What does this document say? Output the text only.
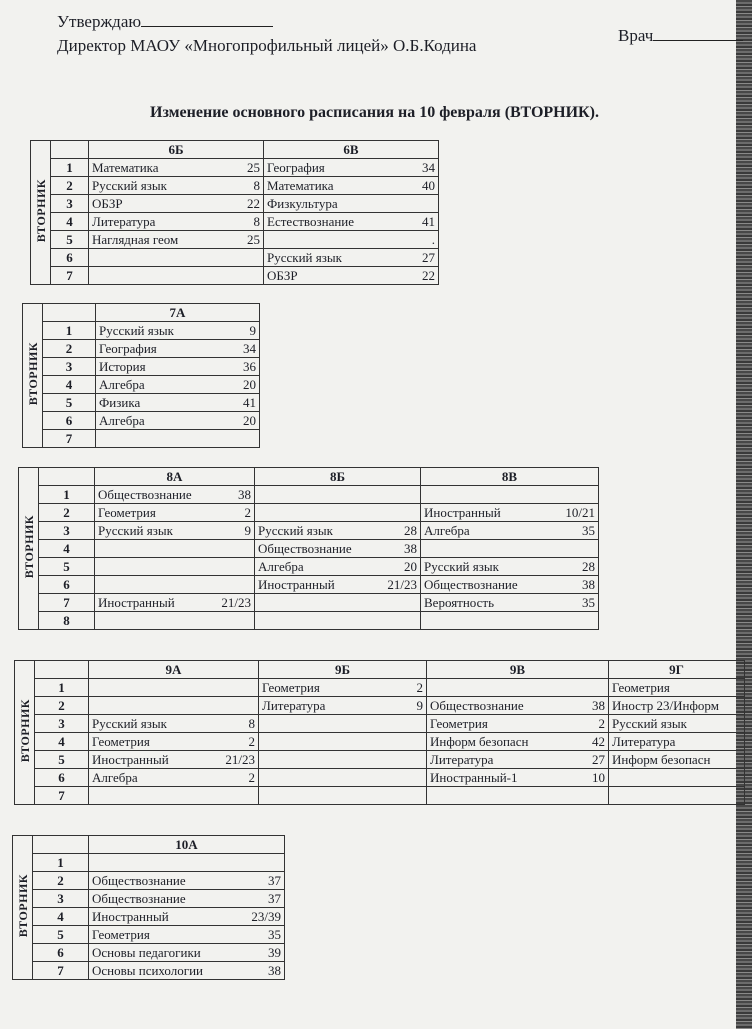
Утверждаю
Директор МАОУ «Многопрофильный лицей» О.Б.Кодина
Врач
Изменение основного расписания на 10 февраля (ВТОРНИК).
ВТОРНИК		6Б	6В
	1	Математика 25	География 34

	2	Русский язык 8	Математика 40

	3	ОБЗР 22	Физкультура

	4	Литература 8	Естествознание 41

	5	Наглядная геом 25	.

	6		Русский язык 27

	7		ОБЗР 22
ВТОРНИК		7А
	1	Русский язык 9

	2	География 34

	3	История 36

	4	Алгебра 20

	5	Физика 41

	6	Алгебра 20

	7	
ВТОРНИК		8А	8Б	8В
	1	Обществознание 38		

	2	Геометрия 2		Иностранный 10/21

	3	Русский язык 9	Русский язык 28	Алгебра 35

	4		Обществознание 38	

	5		Алгебра 20	Русский язык 28

	6		Иностранный 21/23	Обществознание 38

	7	Иностранный 21/23		Вероятность 35

	8	

ВТОРНИК		9А	9Б	9В	9Г
	1		Геометрия 2		Геометрия

	2		Литература 9	Обществознание 38	Иностр 23/Информ

	3	Русский язык 8		Геометрия 2	Русский язык

	4	Геометрия 2		Информ безопасн 42	Литература

	5	Иностранный 21/23		Литература 27	Информ безопасн

	6	Алгебра 2		Иностранный-1 10	

	7	

ВТОРНИК		10А
	1	

	2	Обществознание 37

	3	Обществознание 37

	4	Иностранный 23/39

	5	Геометрия 35

	6	Основы педагогики 39

	7	Основы психологии 38
